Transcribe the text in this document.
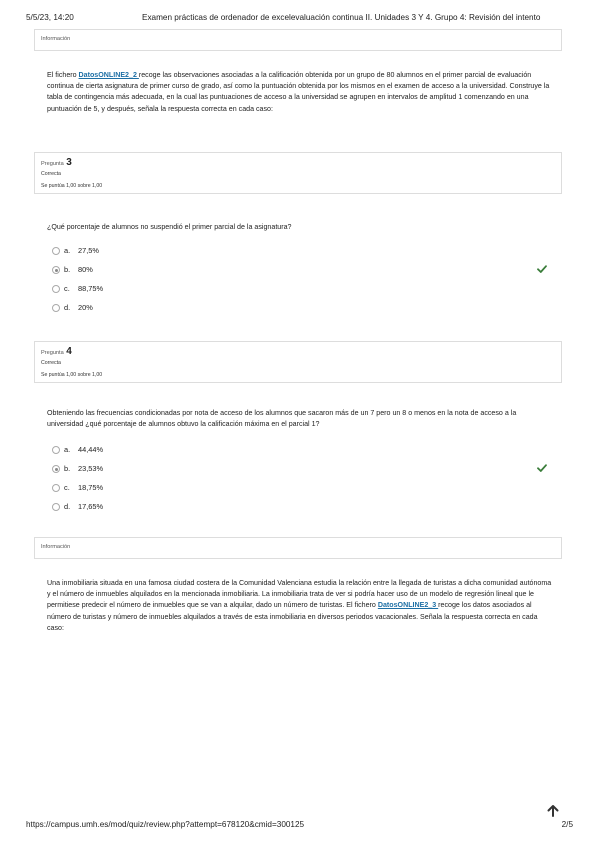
5/5/23, 14:20	Examen prácticas de ordenador de excelevaluación continua II. Unidades 3 Y 4. Grupo 4: Revisión del intento
Información
El fichero DatosONLINE2_2 recoge las observaciones asociadas a la calificación obtenida por un grupo de 80 alumnos en el primer parcial de evaluación continua de cierta asignatura de primer curso de grado, así como la puntuación obtenida por los mismos en el examen de acceso a la universidad. Construye la tabla de contingencia más adecuada, en la cual las puntuaciones de acceso a la universidad se agrupen en intervalos de amplitud 1 comenzando en una puntuación de 5, y después, señala la respuesta correcta en cada caso:
Pregunta 3
Correcta
Se puntúa 1,00 sobre 1,00
¿Qué porcentaje de alumnos no suspendió el primer parcial de la asignatura?
a. 27,5%
b. 80%
c. 88,75%
d. 20%
Pregunta 4
Correcta
Se puntúa 1,00 sobre 1,00
Obteniendo las frecuencias condicionadas por nota de acceso de los alumnos que sacaron más de un 7 pero un 8 o menos en la nota de acceso a la universidad ¿qué porcentaje de alumnos obtuvo la calificación máxima en el parcial 1?
a. 44,44%
b. 23,53%
c. 18,75%
d. 17,65%
Información
Una inmobiliaria situada en una famosa ciudad costera de la Comunidad Valenciana estudia la relación entre la llegada de turistas a dicha comunidad autónoma y el número de inmuebles alquilados en la mencionada inmobiliaria. La inmobiliaria trata de ver si podría hacer uso de un modelo de regresión lineal que le permitiese predecir el número de inmuebles que se van a alquilar, dado un número de turistas. El fichero DatosONLINE2_3 recoge los datos asociados al número de turistas y número de inmuebles alquilados a través de esta inmobiliaria en diversos periodos vacacionales. Señala la respuesta correcta en cada caso:
https://campus.umh.es/mod/quiz/review.php?attempt=678120&cmid=300125	2/5
